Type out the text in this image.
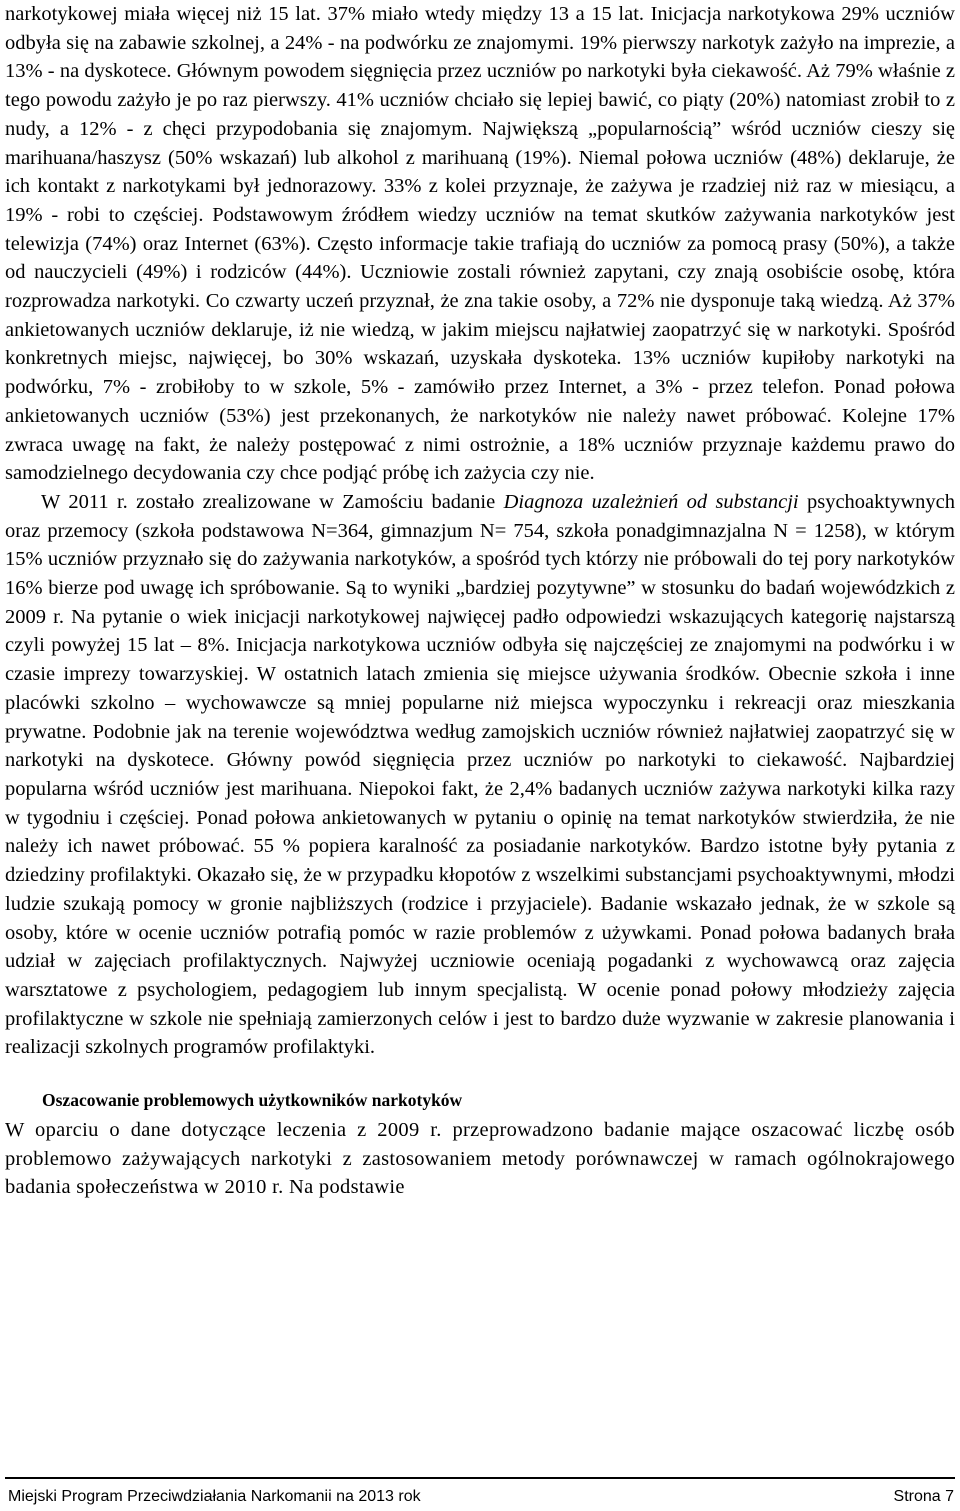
narkotykowej miała więcej niż 15 lat. 37% miało wtedy między 13 a 15 lat. Inicjacja narkotykowa 29% uczniów odbyła się na zabawie szkolnej, a 24% - na podwórku ze znajomymi. 19% pierwszy narkotyk zażyło na imprezie, a 13% - na dyskotece. Głównym powodem sięgnięcia przez uczniów po narkotyki była ciekawość. Aż 79% właśnie z tego powodu zażyło je po raz pierwszy. 41% uczniów chciało się lepiej bawić, co piąty (20%) natomiast zrobił to z nudy, a 12% - z chęci przypodobania się znajomym. Największą „popularnością” wśród uczniów cieszy się marihuana/haszysz (50% wskazań) lub alkohol z marihuaną (19%). Niemal połowa uczniów (48%) deklaruje, że ich kontakt z narkotykami był jednorazowy. 33% z kolei przyznaje, że zażywa je rzadziej niż raz w miesiącu, a 19% - robi to częściej. Podstawowym źródłem wiedzy uczniów na temat skutków zażywania narkotyków jest telewizja (74%) oraz Internet (63%). Często informacje takie trafiają do uczniów za pomocą prasy (50%), a także od nauczycieli (49%) i rodziców (44%). Uczniowie zostali również zapytani, czy znają osobiście osobę, która rozprowadza narkotyki. Co czwarty uczeń przyznał, że zna takie osoby, a 72% nie dysponuje taką wiedzą. Aż 37% ankietowanych uczniów deklaruje, iż nie wiedzą, w jakim miejscu najłatwiej zaopatrzyć się w narkotyki. Spośród konkretnych miejsc, najwięcej, bo 30% wskazań, uzyskała dyskoteka. 13% uczniów kupiłoby narkotyki na podwórku, 7% - zrobiłoby to w szkole, 5% - zamówiło przez Internet, a 3% - przez telefon. Ponad połowa ankietowanych uczniów (53%) jest przekonanych, że narkotyków nie należy nawet próbować. Kolejne 17% zwraca uwagę na fakt, że należy postępować z nimi ostrożnie, a 18% uczniów przyznaje każdemu prawo do samodzielnego decydowania czy chce podjąć próbę ich zażycia czy nie.

W 2011 r. zostało zrealizowane w Zamościu badanie Diagnoza uzależnień od substancji psychoaktywnych oraz przemocy (szkoła podstawowa N=364, gimnazjum N= 754, szkoła ponadgimnazjalna N = 1258), w którym 15% uczniów przyznało się do zażywania narkotyków, a spośród tych którzy nie próbowali do tej pory narkotyków 16% bierze pod uwagę ich spróbowanie. Są to wyniki „bardziej pozytywne” w stosunku do badań wojewódzkich z 2009 r. Na pytanie o wiek inicjacji narkotykowej najwięcej padło odpowiedzi wskazujących kategorię najstarszą czyli powyżej 15 lat – 8%. Inicjacja narkotykowa uczniów odbyła się najczęściej ze znajomymi na podwórku i w czasie imprezy towarzyskiej. W ostatnich latach zmienia się miejsce używania środków. Obecnie szkoła i inne placówki szkolno – wychowawcze są mniej popularne niż miejsca wypoczynku i rekreacji oraz mieszkania prywatne. Podobnie jak na terenie województwa według zamojskich uczniów również najłatwiej zaopatrzyć się w narkotyki na dyskotece. Główny powód sięgnięcia przez uczniów po narkotyki to ciekawość. Najbardziej popularna wśród uczniów jest marihuana. Niepokoi fakt, że 2,4% badanych uczniów zażywa narkotyki kilka razy w tygodniu i częściej. Ponad połowa ankietowanych w pytaniu o opinię na temat narkotyków stwierdziła, że nie należy ich nawet próbować. 55 % popiera karalność za posiadanie narkotyków. Bardzo istotne były pytania z dziedziny profilaktyki. Okazało się, że w przypadku kłopotów z wszelkimi substancjami psychoaktywnymi, młodzi ludzie szukają pomocy w gronie najbliższych (rodzice i przyjaciele). Badanie wskazało jednak, że w szkole są osoby, które w ocenie uczniów potrafią pomóc w razie problemów z używkami. Ponad połowa badanych brała udział w zajęciach profilaktycznych. Najwyżej uczniowie oceniają pogadanki z wychowawcą oraz zajęcia warsztatowe z psychologiem, pedagogiem lub innym specjalistą. W ocenie ponad połowy młodzieży zajęcia profilaktyczne w szkole nie spełniają zamierzonych celów i jest to bardzo duże wyzwanie w zakresie planowania i realizacji szkolnych programów profilaktyki.

Oszacowanie problemowych użytkowników narkotyków

W oparciu o dane dotyczące leczenia z 2009 r. przeprowadzono badanie mające oszacować liczbę osób problemowo zażywających narkotyki z zastosowaniem metody porównawczej w ramach ogólnokrajowego badania społeczeństwa w 2010 r. Na podstawie

Miejski Program Przeciwdziałania Narkomanii na 2013 rok	Strona 7
